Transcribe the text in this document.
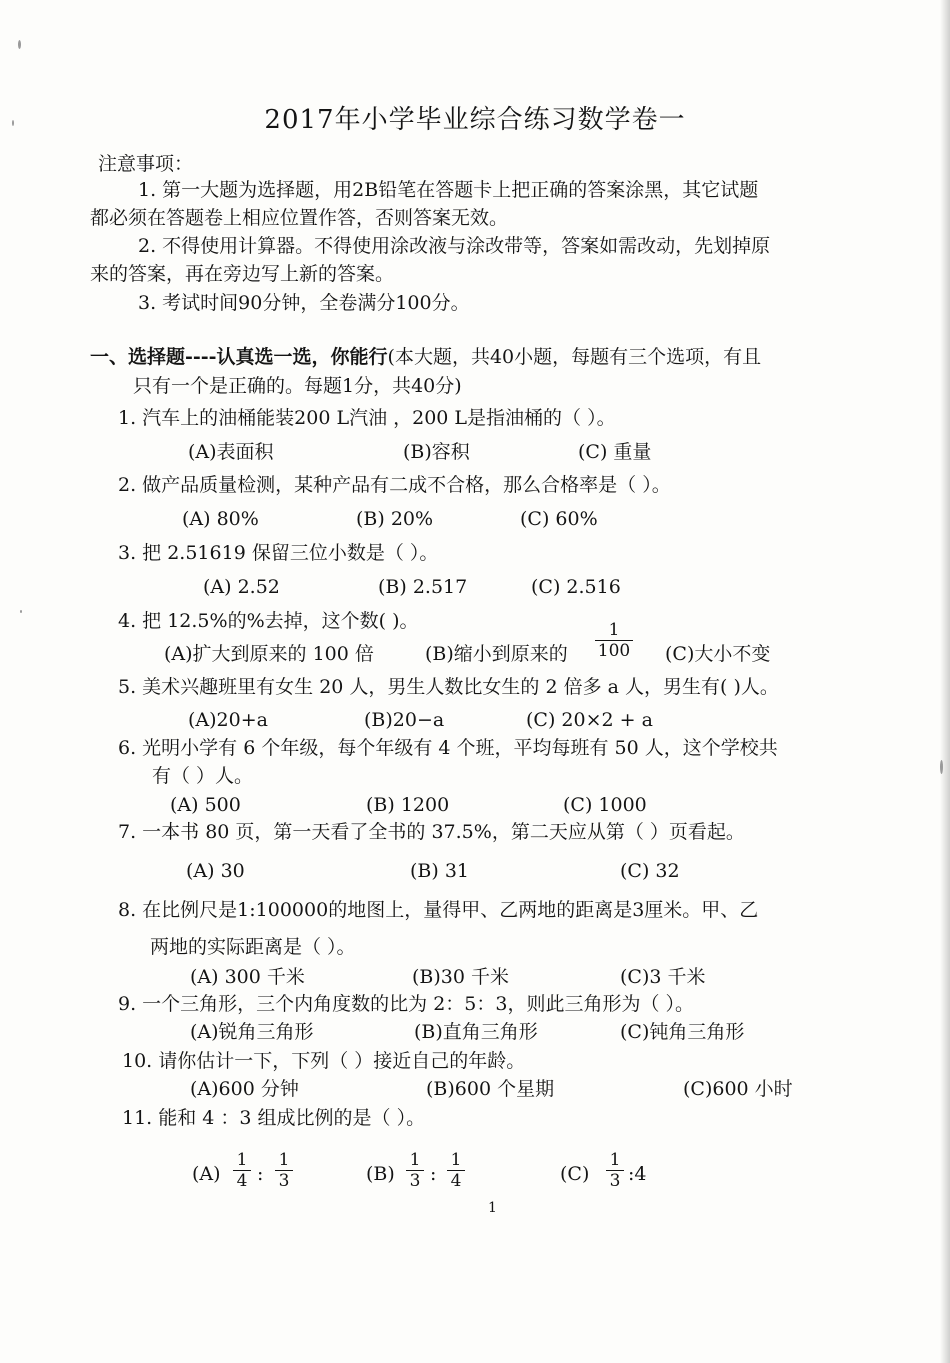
2017年小学毕业综合练习数学卷一
注意事项：
1. 第一大题为选择题，用2B铅笔在答题卡上把正确的答案涂黑，其它试题
都必须在答题卷上相应位置作答，否则答案无效。
2. 不得使用计算器。不得使用涂改液与涂改带等，答案如需改动，先划掉原
来的答案，再在旁边写上新的答案。
3. 考试时间90分钟，全卷满分100分。
一、选择题----认真选一选，你能行(本大题，共40小题，每题有三个选项，有且
只有一个是正确的。每题1分，共40分)
1. 汽车上的油桶能装200 L汽油 ，200 L是指油桶的（ ）。
(A)表面积	(B)容积	(C) 重量
2. 做产品质量检测，某种产品有二成不合格，那么合格率是（ ）。
(A) 80%	(B) 20%	(C) 60%
3. 把 2.51619 保留三位小数是（ ）。
(A) 2.52	(B) 2.517	(C) 2.516
4. 把 12.5%的%去掉，这个数( )。
(A)扩大到原来的 100 倍	(B)缩小到原来的
1
100 (C)大小不变
5. 美术兴趣班里有女生 20 人，男生人数比女生的 2 倍多 a 人，男生有( )人。
(A)20+a	(B)20−a	(C) 20×2 + a
6. 光明小学有 6 个年级，每个年级有 4 个班，平均每班有 50 人，这个学校共
有（ ）人。
(A) 500	(B) 1200	(C) 1000
7. 一本书 80 页，第一天看了全书的 37.5%，第二天应从第（ ）页看起。
(A) 30	(B) 31	(C) 32
8. 在比例尺是1:100000的地图上，量得甲、乙两地的距离是3厘米。甲、乙
两地的实际距离是（ ）。
(A) 300 千米	(B)30 千米	(C)3 千米
9. 一个三角形，三个内角度数的比为 2：5：3，则此三角形为（ ）。
(A)锐角三角形	(B)直角三角形	(C)钝角三角形
10. 请你估计一下，下列（ ）接近自己的年龄。
(A)600 分钟	(B)600 个星期	(C)600 小时
11. 能和 4 ：3 组成比例的是（ ）。
(A)
1
4 :
1
3	(B)
1
3 :
1
4	(C)
1
3 :4
1
